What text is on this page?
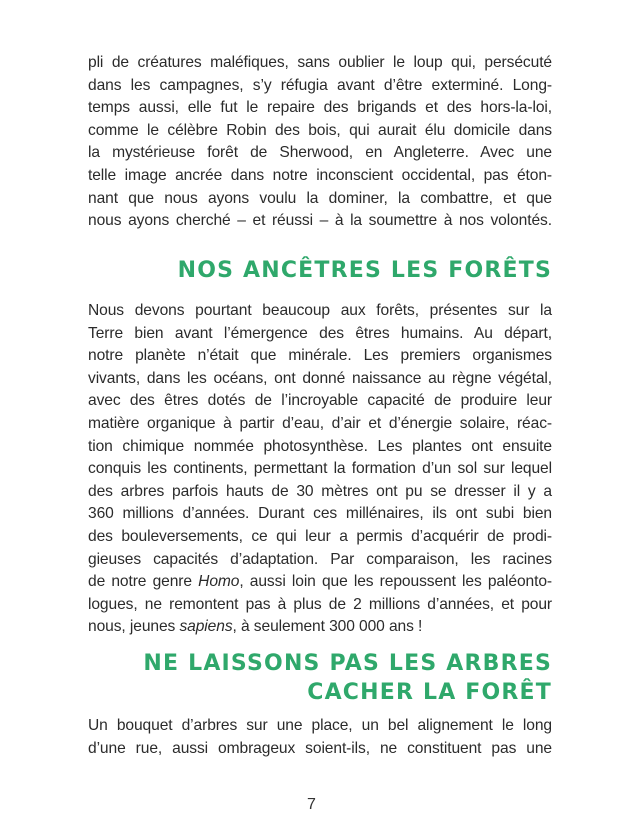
pli de créatures maléfiques, sans oublier le loup qui, persécuté
dans les campagnes, s’y réfugia avant d’être exterminé. Long-
temps aussi, elle fut le repaire des brigands et des hors-la-loi,
comme le célèbre Robin des bois, qui aurait élu domicile dans
la mystérieuse forêt de Sherwood, en Angleterre. Avec une
telle image ancrée dans notre inconscient occidental, pas éton-
nant que nous ayons voulu la dominer, la combattre, et que
nous ayons cherché – et réussi – à la soumettre à nos volontés.

NOS ANCÊTRES LES FORÊTS

Nous devons pourtant beaucoup aux forêts, présentes sur la
Terre bien avant l’émergence des êtres humains. Au départ,
notre planète n’était que minérale. Les premiers organismes
vivants, dans les océans, ont donné naissance au règne végétal,
avec des êtres dotés de l’incroyable capacité de produire leur
matière organique à partir d’eau, d’air et d’énergie solaire, réac-
tion chimique nommée photosynthèse. Les plantes ont ensuite
conquis les continents, permettant la formation d’un sol sur lequel
des arbres parfois hauts de 30 mètres ont pu se dresser il y a
360 millions d’années. Durant ces millénaires, ils ont subi bien
des bouleversements, ce qui leur a permis d’acquérir de prodi-
gieuses capacités d’adaptation. Par comparaison, les racines
de notre genre Homo, aussi loin que les repoussent les paléonto-
logues, ne remontent pas à plus de 2 millions d’années, et pour
nous, jeunes sapiens, à seulement 300 000 ans !

NE LAISSONS PAS LES ARBRES
CACHER LA FORÊT

Un bouquet d’arbres sur une place, un bel alignement le long
d’une rue, aussi ombrageux soient-ils, ne constituent pas une

7
